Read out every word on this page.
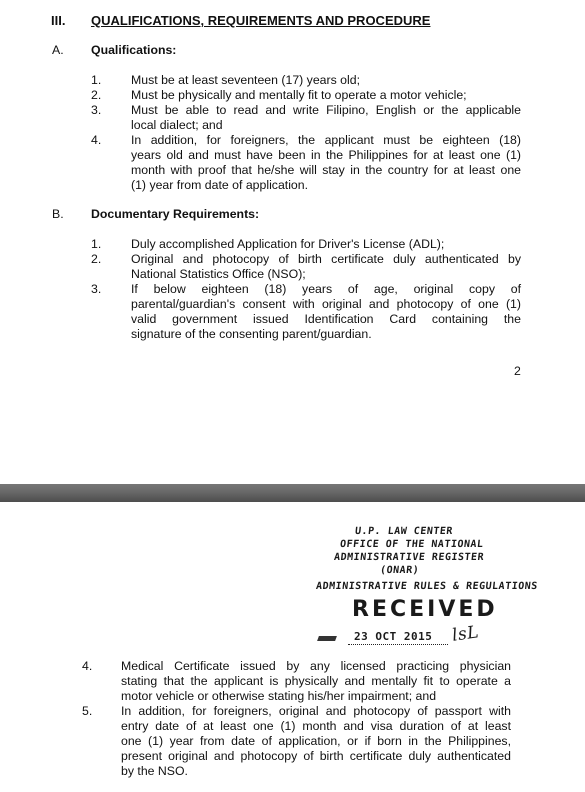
III. QUALIFICATIONS, REQUIREMENTS AND PROCEDURE
A. Qualifications:
1. Must be at least seventeen (17) years old;
2. Must be physically and mentally fit to operate a motor vehicle;
3. Must be able to read and write Filipino, English or the applicable
local dialect; and
4. In addition, for foreigners, the applicant must be eighteen (18)
years old and must have been in the Philippines for at least one (1)
month with proof that he/she will stay in the country for at least one
(1) year from date of application.
B. Documentary Requirements:
1. Duly accomplished Application for Driver's License (ADL);
2. Original and photocopy of birth certificate duly authenticated by
National Statistics Office (NSO);
3. If below eighteen (18) years of age, original copy of
parental/guardian's consent with original and photocopy of one (1)
valid government issued Identification Card containing the
signature of the consenting parent/guardian.
2
U.P. LAW CENTER
OFFICE OF THE NATIONAL
ADMINISTRATIVE REGISTER
(ONAR)
ADMINISTRATIVE RULES & REGULATIONS
RECEIVED
23 OCT 2015 lsL
4. Medical Certificate issued by any licensed practicing physician
stating that the applicant is physically and mentally fit to operate a
motor vehicle or otherwise stating his/her impairment; and
5. In addition, for foreigners, original and photocopy of passport with
entry date of at least one (1) month and visa duration of at least
one (1) year from date of application, or if born in the Philippines,
present original and photocopy of birth certificate duly authenticated
by the NSO.
